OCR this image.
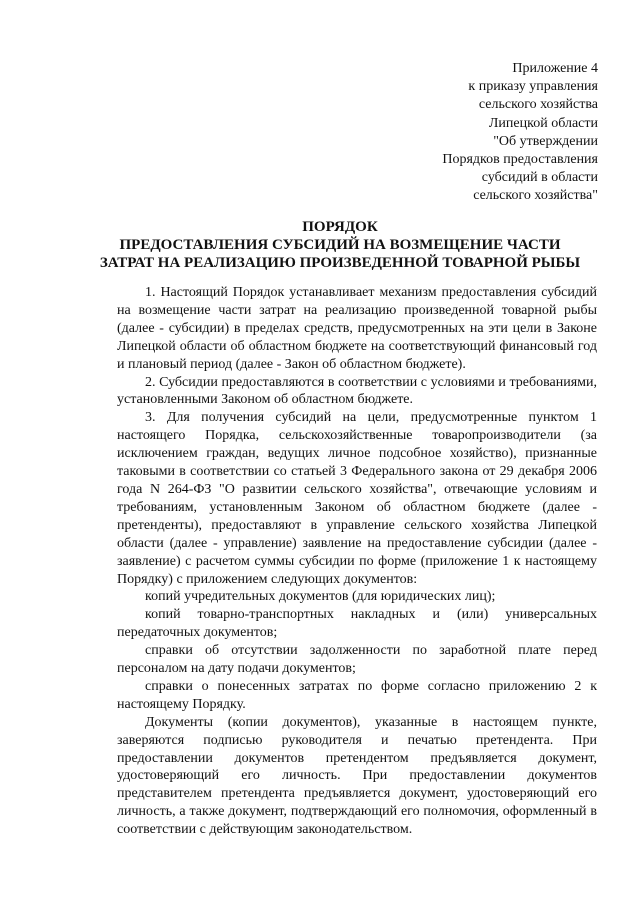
Приложение 4
к приказу управления
сельского хозяйства
Липецкой области
"Об утверждении
Порядков предоставления
субсидий в области
сельского хозяйства"
ПОРЯДОК
ПРЕДОСТАВЛЕНИЯ СУБСИДИЙ НА ВОЗМЕЩЕНИЕ ЧАСТИ
ЗАТРАТ НА РЕАЛИЗАЦИЮ ПРОИЗВЕДЕННОЙ ТОВАРНОЙ РЫБЫ

1. Настоящий Порядок устанавливает механизм предоставления субсидий на возмещение части затрат на реализацию произведенной товарной рыбы (далее - субсидии) в пределах средств, предусмотренных на эти цели в Законе Липецкой области об областном бюджете на соответствующий финансовый год и плановый период (далее - Закон об областном бюджете).

2. Субсидии предоставляются в соответствии с условиями и требованиями, установленными Законом об областном бюджете.

3. Для получения субсидий на цели, предусмотренные пунктом 1 настоящего Порядка, сельскохозяйственные товаропроизводители (за исключением граждан, ведущих личное подсобное хозяйство), признанные таковыми в соответствии со статьей 3 Федерального закона от 29 декабря 2006 года N 264-ФЗ "О развитии сельского хозяйства", отвечающие условиям и требованиям, установленным Законом об областном бюджете (далее - претенденты), предоставляют в управление сельского хозяйства Липецкой области (далее - управление) заявление на предоставление субсидии (далее - заявление) с расчетом суммы субсидии по форме (приложение 1 к настоящему Порядку) с приложением следующих документов:

копий учредительных документов (для юридических лиц);

копий товарно-транспортных накладных и (или) универсальных передаточных документов;

справки об отсутствии задолженности по заработной плате перед персоналом на дату подачи документов;

справки о понесенных затратах по форме согласно приложению 2 к настоящему Порядку.

Документы (копии документов), указанные в настоящем пункте, заверяются подписью руководителя и печатью претендента. При предоставлении документов претендентом предъявляется документ, удостоверяющий его личность. При предоставлении документов представителем претендента предъявляется документ, удостоверяющий его личность, а также документ, подтверждающий его полномочия, оформленный в соответствии с действующим законодательством.
